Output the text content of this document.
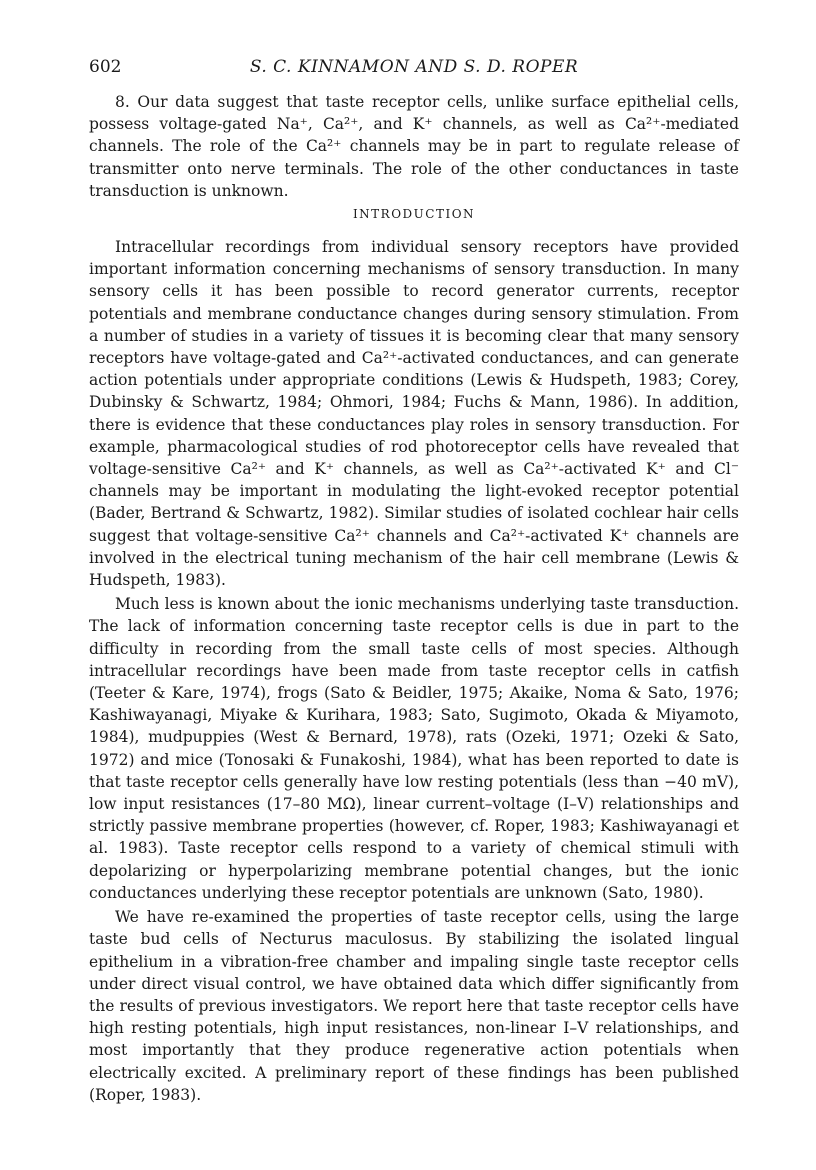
602	S. C. KINNAMON AND S. D. ROPER

8. Our data suggest that taste receptor cells, unlike surface epithelial cells, possess voltage-gated Na⁺, Ca²⁺, and K⁺ channels, as well as Ca²⁺-mediated channels. The role of the Ca²⁺ channels may be in part to regulate release of transmitter onto nerve terminals. The role of the other conductances in taste transduction is unknown.

INTRODUCTION

Intracellular recordings from individual sensory receptors have provided important information concerning mechanisms of sensory transduction. In many sensory cells it has been possible to record generator currents, receptor potentials and membrane conductance changes during sensory stimulation. From a number of studies in a variety of tissues it is becoming clear that many sensory receptors have voltage-gated and Ca²⁺-activated conductances, and can generate action potentials under appropriate conditions (Lewis & Hudspeth, 1983; Corey, Dubinsky & Schwartz, 1984; Ohmori, 1984; Fuchs & Mann, 1986). In addition, there is evidence that these conductances play roles in sensory transduction. For example, pharmacological studies of rod photoreceptor cells have revealed that voltage-sensitive Ca²⁺ and K⁺ channels, as well as Ca²⁺-activated K⁺ and Cl⁻ channels may be important in modulating the light-evoked receptor potential (Bader, Bertrand & Schwartz, 1982). Similar studies of isolated cochlear hair cells suggest that voltage-sensitive Ca²⁺ channels and Ca²⁺-activated K⁺ channels are involved in the electrical tuning mechanism of the hair cell membrane (Lewis & Hudspeth, 1983).

Much less is known about the ionic mechanisms underlying taste transduction. The lack of information concerning taste receptor cells is due in part to the difficulty in recording from the small taste cells of most species. Although intracellular recordings have been made from taste receptor cells in catfish (Teeter & Kare, 1974), frogs (Sato & Beidler, 1975; Akaike, Noma & Sato, 1976; Kashiwayanagi, Miyake & Kurihara, 1983; Sato, Sugimoto, Okada & Miyamoto, 1984), mudpuppies (West & Bernard, 1978), rats (Ozeki, 1971; Ozeki & Sato, 1972) and mice (Tonosaki & Funakoshi, 1984), what has been reported to date is that taste receptor cells generally have low resting potentials (less than −40 mV), low input resistances (17–80 MΩ), linear current–voltage (I–V) relationships and strictly passive membrane properties (however, cf. Roper, 1983; Kashiwayanagi et al. 1983). Taste receptor cells respond to a variety of chemical stimuli with depolarizing or hyperpolarizing membrane potential changes, but the ionic conductances underlying these receptor potentials are unknown (Sato, 1980).

We have re-examined the properties of taste receptor cells, using the large taste bud cells of Necturus maculosus. By stabilizing the isolated lingual epithelium in a vibration-free chamber and impaling single taste receptor cells under direct visual control, we have obtained data which differ significantly from the results of previous investigators. We report here that taste receptor cells have high resting potentials, high input resistances, non-linear I–V relationships, and most importantly that they produce regenerative action potentials when electrically excited. A preliminary report of these findings has been published (Roper, 1983).
